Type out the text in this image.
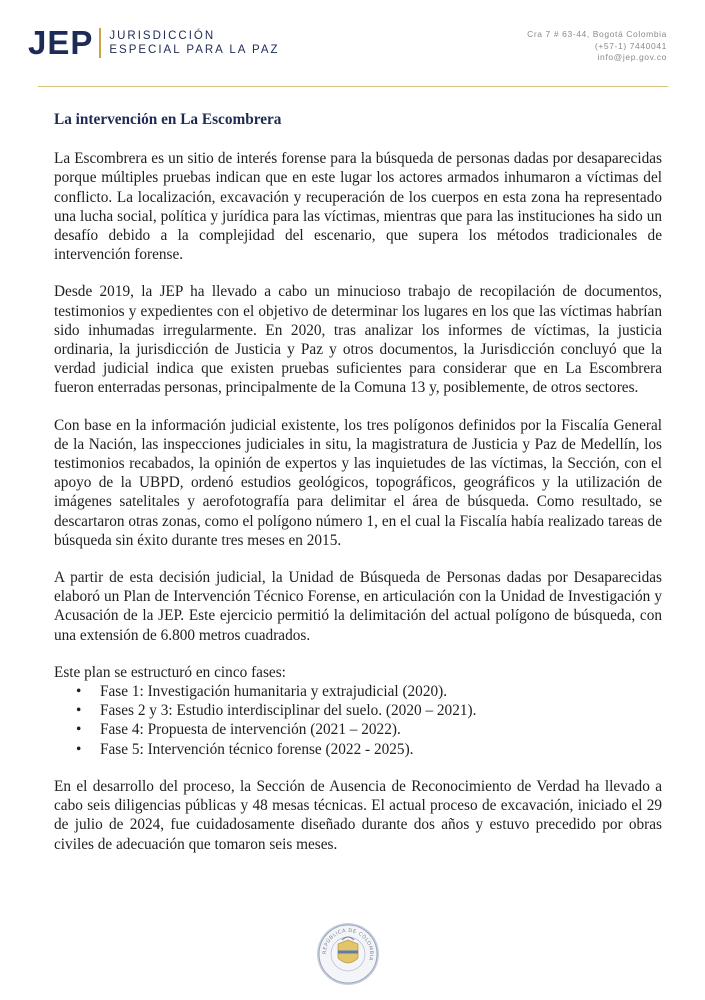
JEP JURISDICCIÓN
ESPECIAL PARA LA PAZ
Cra 7 # 63-44, Bogotá Colombia
(+57-1) 7440041
info@jep.gov.co
La intervención en La Escombrera

La Escombrera es un sitio de interés forense para la búsqueda de personas dadas por desaparecidas porque múltiples pruebas indican que en este lugar los actores armados inhumaron a víctimas del conflicto. La localización, excavación y recuperación de los cuerpos en esta zona ha representado una lucha social, política y jurídica para las víctimas, mientras que para las instituciones ha sido un desafío debido a la complejidad del escenario, que supera los métodos tradicionales de intervención forense.

Desde 2019, la JEP ha llevado a cabo un minucioso trabajo de recopilación de documentos, testimonios y expedientes con el objetivo de determinar los lugares en los que las víctimas habrían sido inhumadas irregularmente. En 2020, tras analizar los informes de víctimas, la justicia ordinaria, la jurisdicción de Justicia y Paz y otros documentos, la Jurisdicción concluyó que la verdad judicial indica que existen pruebas suficientes para considerar que en La Escombrera fueron enterradas personas, principalmente de la Comuna 13 y, posiblemente, de otros sectores.

Con base en la información judicial existente, los tres polígonos definidos por la Fiscalía General de la Nación, las inspecciones judiciales in situ, la magistratura de Justicia y Paz de Medellín, los testimonios recabados, la opinión de expertos y las inquietudes de las víctimas, la Sección, con el apoyo de la UBPD, ordenó estudios geológicos, topográficos, geográficos y la utilización de imágenes satelitales y aerofotografía para delimitar el área de búsqueda. Como resultado, se descartaron otras zonas, como el polígono número 1, en el cual la Fiscalía había realizado tareas de búsqueda sin éxito durante tres meses en 2015.

A partir de esta decisión judicial, la Unidad de Búsqueda de Personas dadas por Desaparecidas elaboró un Plan de Intervención Técnico Forense, en articulación con la Unidad de Investigación y Acusación de la JEP. Este ejercicio permitió la delimitación del actual polígono de búsqueda, con una extensión de 6.800 metros cuadrados.

Este plan se estructuró en cinco fases:

• Fase 1: Investigación humanitaria y extrajudicial (2020).
• Fases 2 y 3: Estudio interdisciplinar del suelo. (2020 – 2021).
• Fase 4: Propuesta de intervención (2021 – 2022).
• Fase 5: Intervención técnico forense (2022 - 2025).

En el desarrollo del proceso, la Sección de Ausencia de Reconocimiento de Verdad ha llevado a cabo seis diligencias públicas y 48 mesas técnicas. El actual proceso de excavación, iniciado el 29 de julio de 2024, fue cuidadosamente diseñado durante dos años y estuvo precedido por obras civiles de adecuación que tomaron seis meses.

REPÚBLICA DE COLOMBIA
